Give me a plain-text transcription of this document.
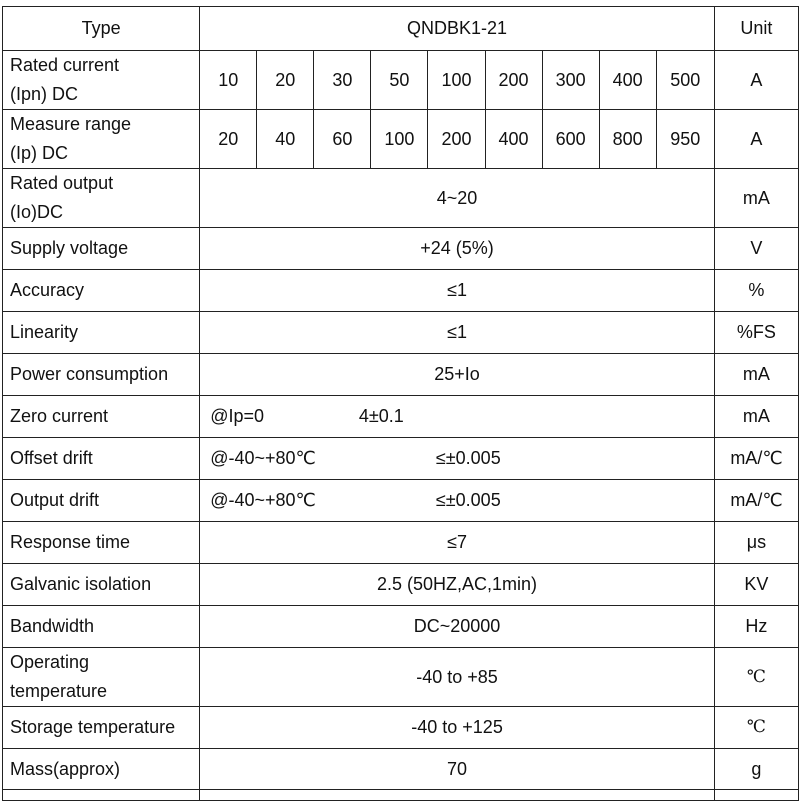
Type	QNDBK1-21									Unit
Rated current
(Ipn) DC	10	20	30	50	100	200	300	400	500	A
Measure range
(Ip) DC	20	40	60	100	200	400	600	800	950	A
Rated output
(Io)DC	4~20									mA
Supply voltage	+24 (5%)									V
Accuracy	≤1									%
Linearity	≤1									%FS
Power consumption	25+Io									mA
Zero current	@Ip=0		4±0.1							mA
Offset drift	@-40~+80℃			≤±0.005						mA/℃
Output drift	@-40~+80℃			≤±0.005						mA/℃
Response time	≤7									μs
Galvanic isolation	2.5 (50HZ,AC,1min)									KV
Bandwidth	DC~20000									Hz
Operating
temperature	-40 to +85									℃
Storage temperature	-40 to +125									℃
Mass(approx)	70									g
